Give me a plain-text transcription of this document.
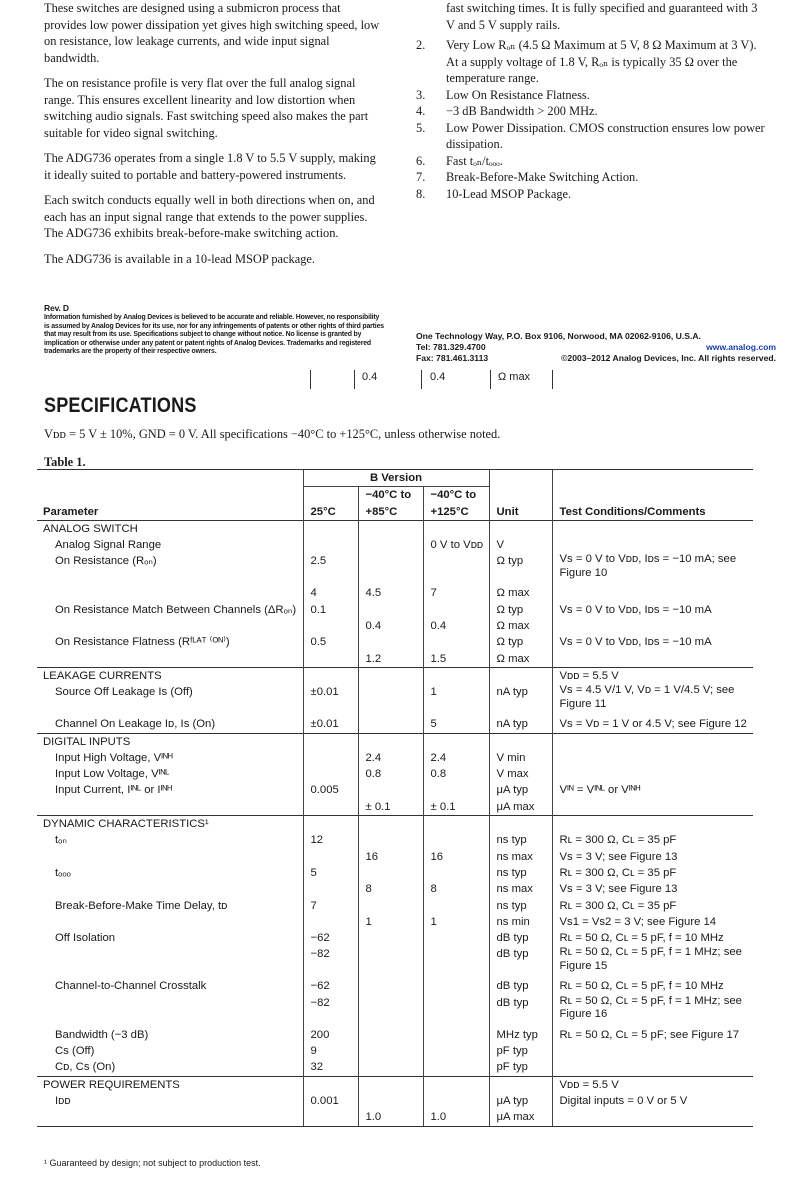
These switches are designed using a submicron process that provides low power dissipation yet gives high switching speed, low on resistance, low leakage currents, and wide input signal bandwidth.

The on resistance profile is very flat over the full analog signal range. This ensures excellent linearity and low distortion when switching audio signals. Fast switching speed also makes the part suitable for video signal switching.

The ADG736 operates from a single 1.8 V to 5.5 V supply, making it ideally suited to portable and battery-powered instruments.

Each switch conducts equally well in both directions when on, and each has an input signal range that extends to the power supplies. The ADG736 exhibits break-before-make switching action.

The ADG736 is available in a 10-lead MSOP package.

fast switching times. It is fully specified and guaranteed with 3 V and 5 V supply rails.
2.	Very Low Rₒₙ (4.5 Ω Maximum at 5 V, 8 Ω Maximum at 3 V). At a supply voltage of 1.8 V, Rₒₙ is typically 35 Ω over the temperature range.
3.	Low On Resistance Flatness.
4.	−3 dB Bandwidth > 200 MHz.
5.	Low Power Dissipation. CMOS construction ensures low power dissipation.
6.	Fast tₒₙ/tₒₒₒ.
7.	Break-Before-Make Switching Action.
8.	10-Lead MSOP Package.
Rev. D
Information furnished by Analog Devices is believed to be accurate and reliable. However, no responsibility is assumed by Analog Devices for its use, nor for any infringements of patents or other rights of third parties that may result from its use. Specifications subject to change without notice. No license is granted by implication or otherwise under any patent or patent rights of Analog Devices. Trademarks and registered trademarks are the property of their respective owners.
One Technology Way, P.O. Box 9106, Norwood, MA 02062-9106, U.S.A.
Tel: 781.329.4700	www.analog.com
Fax: 781.461.3113	©2003–2012 Analog Devices, Inc. All rights reserved.
0.4	0.4	Ω max
SPECIFICATIONS
Vᴅᴅ = 5 V ± 10%, GND = 0 V. All specifications −40°C to +125°C, unless otherwise noted.
Table 1.
	B Version				
		−40°C to	−40°C to		
Parameter	25°C	+85°C	+125°C	Unit	Test Conditions/Comments
ANALOG SWITCH					
Analog Signal Range			0 V to Vᴅᴅ	V	
On Resistance (Rₒₙ)	2.5			Ω typ	Vs = 0 V to Vᴅᴅ, Iᴅs = −10 mA; see Figure 10
	4	4.5	7	Ω max	
On Resistance Match Between Channels (ΔRₒₙ)	0.1			Ω typ	Vs = 0 V to Vᴅᴅ, Iᴅs = −10 mA
		0.4	0.4	Ω max	
On Resistance Flatness (Rᶠᴸᴬᵀ ⁽ᴼᴺ⁾)	0.5			Ω typ	Vs = 0 V to Vᴅᴅ, Iᴅs = −10 mA
		1.2	1.5	Ω max	
LEAKAGE CURRENTS					Vᴅᴅ = 5.5 V
Source Off Leakage Is (Off)	±0.01		1	nA typ	Vs = 4.5 V/1 V, Vᴅ = 1 V/4.5 V; see Figure 11
Channel On Leakage Iᴅ, Is (On)	±0.01		5	nA typ	Vs = Vᴅ = 1 V or 4.5 V; see Figure 12
DIGITAL INPUTS					
Input High Voltage, Vᴵᴺᴴ		2.4	2.4	V min	
Input Low Voltage, Vᴵᴺᴸ		0.8	0.8	V max	
Input Current, Iᴵᴺᴸ or Iᴵᴺᴴ	0.005			μA typ	Vᴵᴺ = Vᴵᴺᴸ or Vᴵᴺᴴ
		± 0.1	± 0.1	μA max	
DYNAMIC CHARACTERISTICS¹					
tₒₙ	12			ns typ	Rʟ = 300 Ω, Cʟ = 35 pF
		16	16	ns max	Vs = 3 V; see Figure 13
tₒₒₒ	5			ns typ	Rʟ = 300 Ω, Cʟ = 35 pF
		8	8	ns max	Vs = 3 V; see Figure 13
Break-Before-Make Time Delay, tᴅ	7			ns typ	Rʟ = 300 Ω, Cʟ = 35 pF
		1	1	ns min	Vs1 = Vs2 = 3 V; see Figure 14
Off Isolation	−62			dB typ	Rʟ = 50 Ω, Cʟ = 5 pF, f = 10 MHz
	−82			dB typ	Rʟ = 50 Ω, Cʟ = 5 pF, f = 1 MHz; see Figure 15
Channel-to-Channel Crosstalk	−62			dB typ	Rʟ = 50 Ω, Cʟ = 5 pF, f = 10 MHz
	−82			dB typ	Rʟ = 50 Ω, Cʟ = 5 pF, f = 1 MHz; see Figure 16
Bandwidth (−3 dB)	200			MHz typ	Rʟ = 50 Ω, Cʟ = 5 pF; see Figure 17
Cs (Off)	9			pF typ	
Cᴅ, Cs (On)	32			pF typ	
POWER REQUIREMENTS					Vᴅᴅ = 5.5 V
Iᴅᴅ	0.001			μA typ	Digital inputs = 0 V or 5 V
		1.0	1.0	μA max	
¹ Guaranteed by design; not subject to production test.
